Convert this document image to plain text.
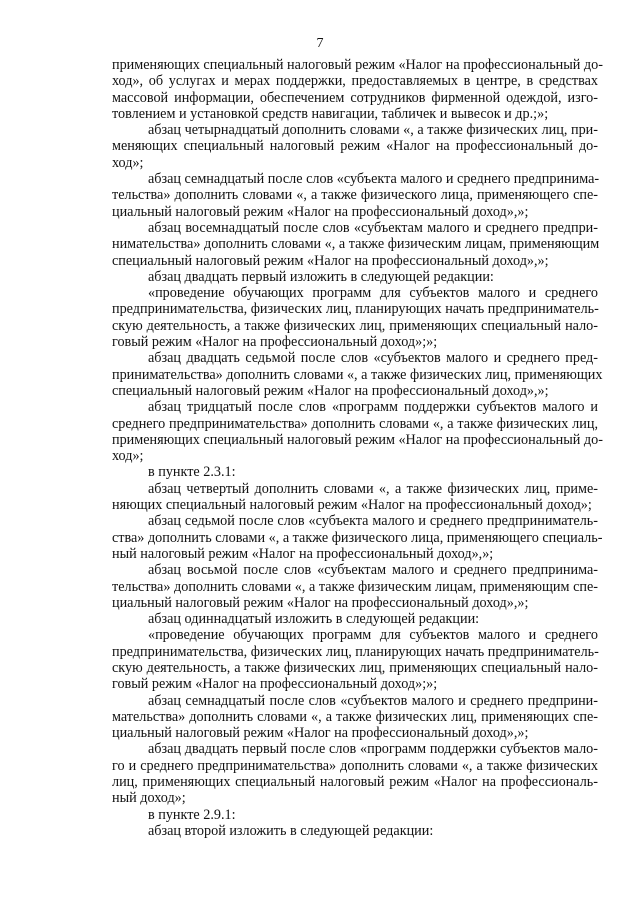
7
применяющих специальный налоговый режим «Налог на профессиональный до-
ход», об услугах и мерах поддержки, предоставляемых в центре, в средствах
массовой информации, обеспечением сотрудников фирменной одеждой, изго-
товлением и установкой средств навигации, табличек и вывесок и др.;»;
абзац четырнадцатый дополнить словами «, а также физических лиц, при-
меняющих специальный налоговый режим «Налог на профессиональный до-
ход»;
абзац семнадцатый после слов «субъекта малого и среднего предпринима-
тельства» дополнить словами «, а также физического лица, применяющего спе-
циальный налоговый режим «Налог на профессиональный доход»,»;
абзац восемнадцатый после слов «субъектам малого и среднего предпри-
нимательства» дополнить словами «, а также физическим лицам, применяющим
специальный налоговый режим «Налог на профессиональный доход»,»;
абзац двадцать первый изложить в следующей редакции:
«проведение обучающих программ для субъектов малого и среднего
предпринимательства, физических лиц, планирующих начать предприниматель-
скую деятельность, а также физических лиц, применяющих специальный нало-
говый режим «Налог на профессиональный доход»;»;
абзац двадцать седьмой после слов «субъектов малого и среднего пред-
принимательства» дополнить словами «, а также физических лиц, применяющих
специальный налоговый режим «Налог на профессиональный доход»,»;
абзац тридцатый после слов «программ поддержки субъектов малого и
среднего предпринимательства» дополнить словами «, а также физических лиц,
применяющих специальный налоговый режим «Налог на профессиональный до-
ход»;
в пункте 2.3.1:
абзац четвертый дополнить словами «, а также физических лиц, приме-
няющих специальный налоговый режим «Налог на профессиональный доход»;
абзац седьмой после слов «субъекта малого и среднего предприниматель-
ства» дополнить словами «, а также физического лица, применяющего специаль-
ный налоговый режим «Налог на профессиональный доход»,»;
абзац восьмой после слов «субъектам малого и среднего предпринима-
тельства» дополнить словами «, а также физическим лицам, применяющим спе-
циальный налоговый режим «Налог на профессиональный доход»,»;
абзац одиннадцатый изложить в следующей редакции:
«проведение обучающих программ для субъектов малого и среднего
предпринимательства, физических лиц, планирующих начать предприниматель-
скую деятельность, а также физических лиц, применяющих специальный нало-
говый режим «Налог на профессиональный доход»;»;
абзац семнадцатый после слов «субъектов малого и среднего предприни-
мательства» дополнить словами «, а также физических лиц, применяющих спе-
циальный налоговый режим «Налог на профессиональный доход»,»;
абзац двадцать первый после слов «программ поддержки субъектов мало-
го и среднего предпринимательства» дополнить словами «, а также физических
лиц, применяющих специальный налоговый режим «Налог на профессиональ-
ный доход»;
в пункте 2.9.1:
абзац второй изложить в следующей редакции:
